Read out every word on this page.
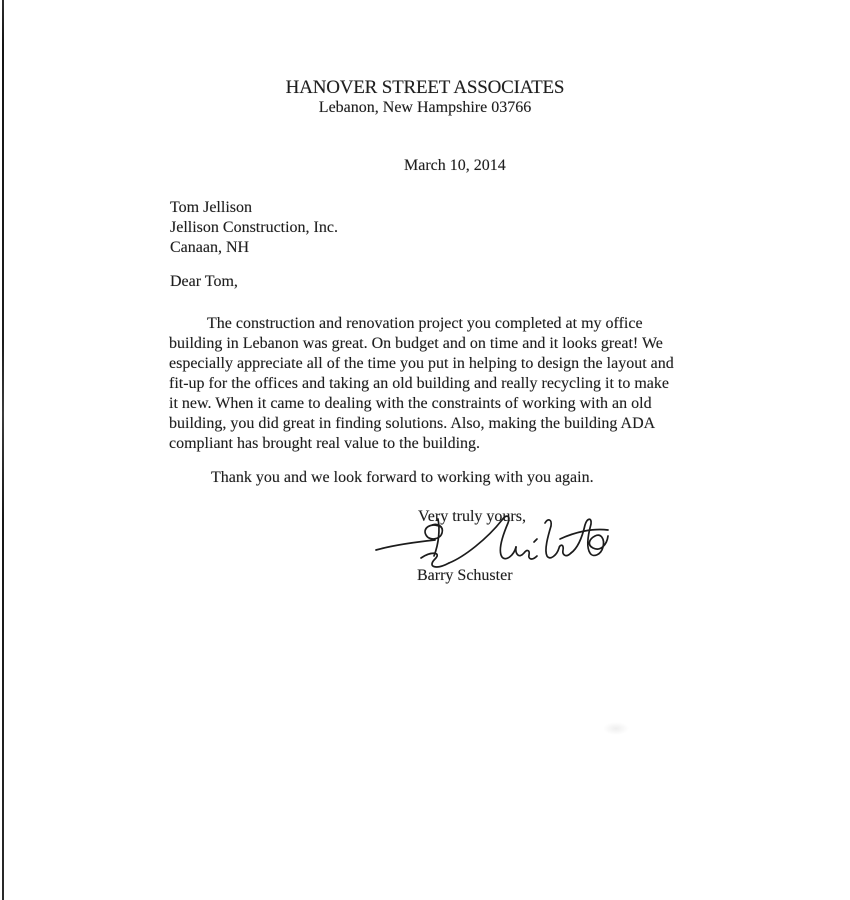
HANOVER STREET ASSOCIATES
Lebanon, New Hampshire 03766
March 10, 2014
Tom Jellison
Jellison Construction, Inc.
Canaan, NH
Dear Tom,
The construction and renovation project you completed at my office
building in Lebanon was great. On budget and on time and it looks great! We
especially appreciate all of the time you put in helping to design the layout and
fit-up for the offices and taking an old building and really recycling it to make
it new. When it came to dealing with the constraints of working with an old
building, you did great in finding solutions. Also, making the building ADA
compliant has brought real value to the building.
Thank you and we look forward to working with you again.
Very truly yours,
Barry Schuster
